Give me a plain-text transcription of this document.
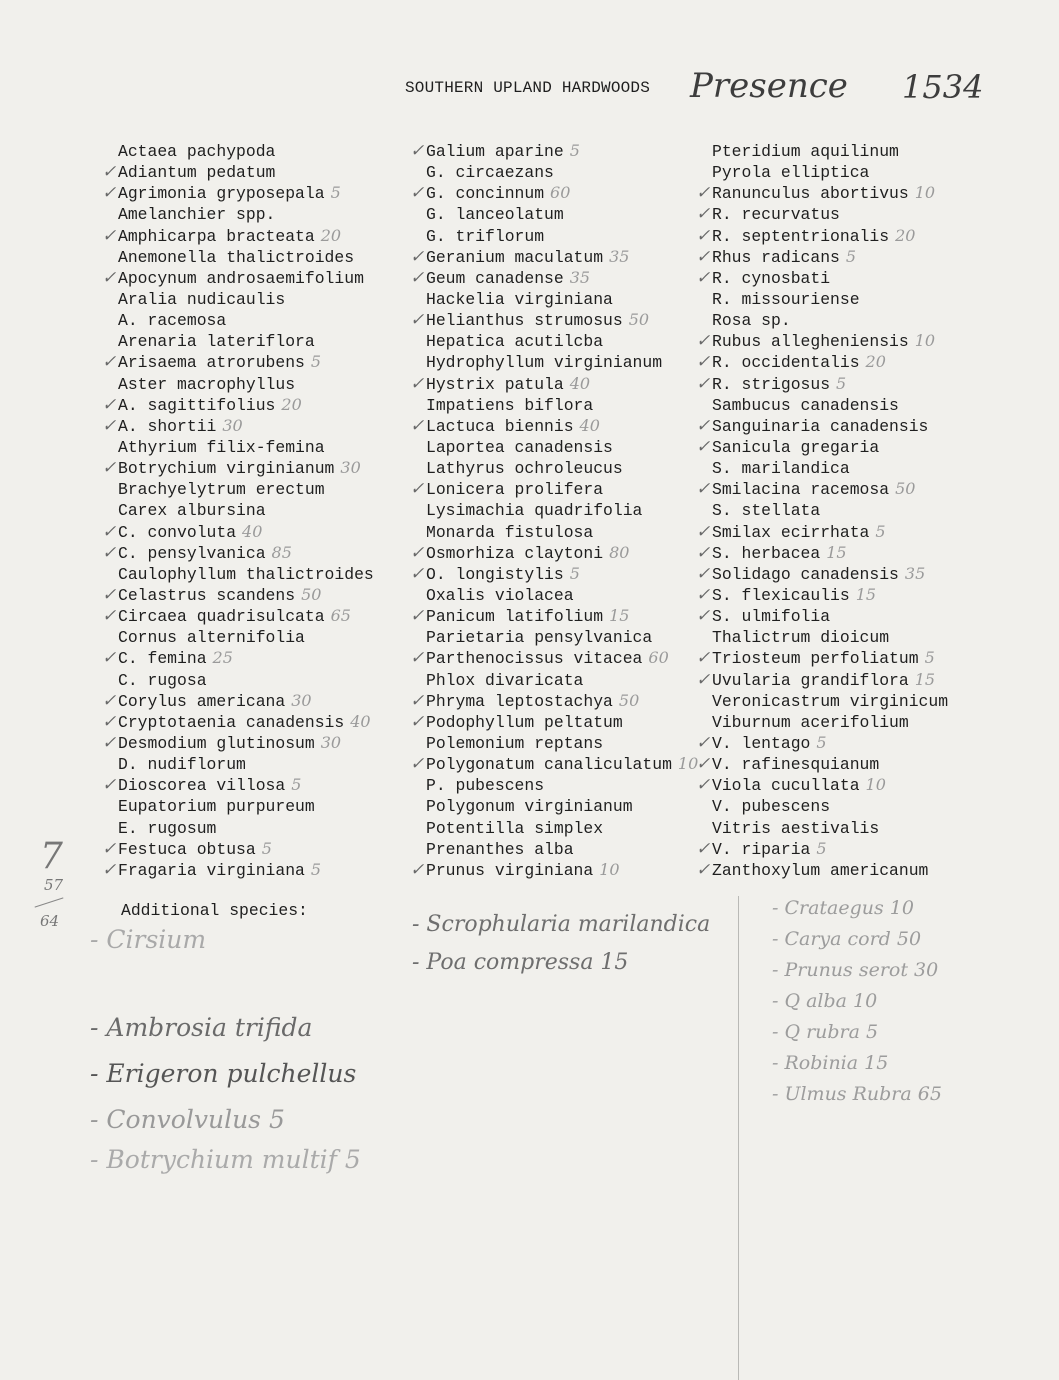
SOUTHERN UPLAND HARDWOODS Presence 1534
Actaea pachypoda
✓ Adiantum pedatum
✓ Agrimonia gryposepala 5
Amelanchier spp.
✓ Amphicarpa bracteata 20
Anemonella thalictroides
✓ Apocynum androsaemifolium
Aralia nudicaulis
A. racemosa
Arenaria lateriflora
✓ Arisaema atrorubens 5
Aster macrophyllus
✓ A. sagittifolius 20
✓ A. shortii 30
Athyrium filix-femina
✓ Botrychium virginianum 30
Brachyelytrum erectum
Carex albursina
✓ C. convoluta 40
✓ C. pensylvanica 85
Caulophyllum thalictroides
✓ Celastrus scandens 50
✓ Circaea quadrisulcata 65
Cornus alternifolia
✓ C. femina 25
C. rugosa
✓ Corylus americana 30
✓ Cryptotaenia canadensis 40
✓ Desmodium glutinosum 30
D. nudiflorum
✓ Dioscorea villosa 5
Eupatorium purpureum
E. rugosum
✓ Festuca obtusa 5
✓ Fragaria virginiana 5
✓ Galium aparine 5
G. circaezans
✓ G. concinnum 60
G. lanceolatum
G. triflorum
✓ Geranium maculatum 35
✓ Geum canadense 35
Hackelia virginiana
✓ Helianthus strumosus 50
Hepatica acutilcba
Hydrophyllum virginianum
✓ Hystrix patula 40
Impatiens biflora
✓ Lactuca biennis 40
Laportea canadensis
Lathyrus ochroleucus
✓ Lonicera prolifera
Lysimachia quadrifolia
Monarda fistulosa
✓ Osmorhiza claytoni 80
✓ O. longistylis 5
Oxalis violacea
✓ Panicum latifolium 15
Parietaria pensylvanica
✓ Parthenocissus vitacea 60
Phlox divaricata
✓ Phryma leptostachya 50
✓ Podophyllum peltatum
Polemonium reptans
✓ Polygonatum canaliculatum 10
P. pubescens
Polygonum virginianum
Potentilla simplex
Prenanthes alba
✓ Prunus virginiana 10
Pteridium aquilinum
Pyrola elliptica
✓ Ranunculus abortivus 10
✓ R. recurvatus
✓ R. septentrionalis 20
✓ Rhus radicans 5
✓ R. cynosbati
R. missouriense
Rosa sp.
✓ Rubus allegheniensis 10
✓ R. occidentalis 20
✓ R. strigosus 5
Sambucus canadensis
✓ Sanguinaria canadensis
✓ Sanicula gregaria
S. marilandica
✓ Smilacina racemosa 50
S. stellata
✓ Smilax ecirrhata 5
✓ S. herbacea 15
✓ Solidago canadensis 35
✓ S. flexicaulis 15
✓ S. ulmifolia
Thalictrum dioicum
✓ Triosteum perfoliatum 5
✓ Uvularia grandiflora 15
Veronicastrum virginicum
Viburnum acerifolium
✓ V. lentago 5
✓ V. rafinesquianum
✓ Viola cucullata 10
V. pubescens
Vitris aestivalis
✓ V. riparia 5
✓ Zanthoxylum americanum
Additional species:
7
57
64
- Cirsium
- Ambrosia trifida
- Erigeron pulchellus
- Convolvulus 5
- Botrychium multif 5
- Scrophularia marilandica
- Poa compressa 15
- Crataegus 10
- Carya cord 50
- Prunus serot 30
- Q alba 10
- Q rubra 5
- Robinia 15
- Ulmus Rubra 65
